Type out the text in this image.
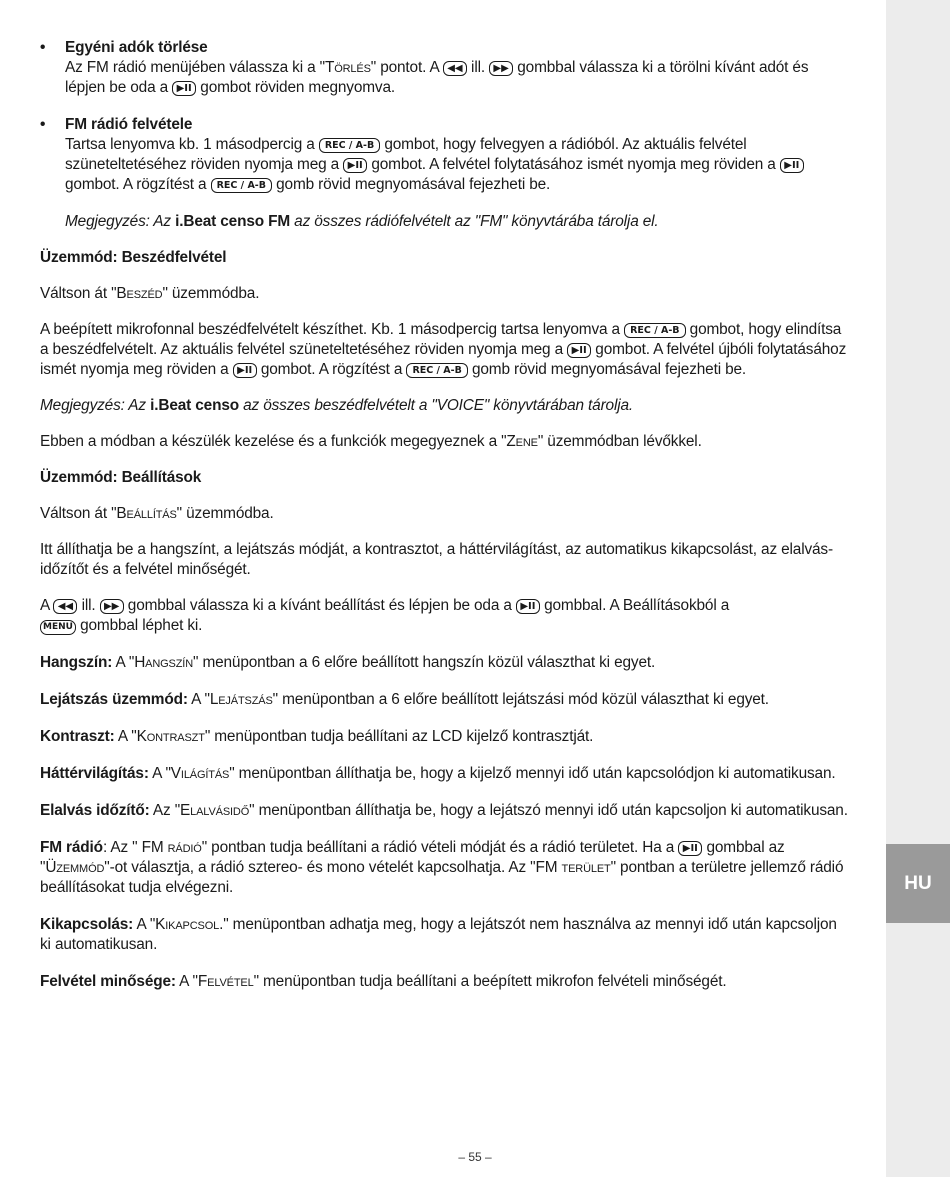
HU

• Egyéni adók törlése
Az FM rádió menüjében válassza ki a "Törlés" pontot. A ◀◀ ill. ▶▶ gombbal válassza ki a törölni kívánt adót és lépjen be oda a ▶II gombot röviden megnyomva.

• FM rádió felvétele
Tartsa lenyomva kb. 1 másodpercig a REC / A-B gombot, hogy felvegyen a rádióból. Az aktuális felvétel szüneteltetéséhez röviden nyomja meg a ▶II gombot. A felvétel folytatásához ismét nyomja meg röviden a ▶II gombot. A rögzítést a REC / A-B gomb rövid megnyomásával fejezheti be.

Megjegyzés: Az i.Beat censo FM az összes rádiófelvételt az "FM" könyvtárába tárolja el.

Üzemmód: Beszédfelvétel

Váltson át "Beszéd" üzemmódba.

A beépített mikrofonnal beszédfelvételt készíthet. Kb. 1 másodpercig tartsa lenyomva a REC / A-B gombot, hogy elindítsa a beszédfelvételt. Az aktuális felvétel szüneteltetéséhez röviden nyomja meg a ▶II gombot. A felvétel újbóli folytatásához ismét nyomja meg röviden a ▶II gombot. A rögzítést a REC / A-B gomb rövid megnyomásával fejezheti be.

Megjegyzés: Az i.Beat censo az összes beszédfelvételt a "VOICE" könyvtárában tárolja.

Ebben a módban a készülék kezelése és a funkciók megegyeznek a "Zene" üzemmódban lévőkkel.

Üzemmód: Beállítások

Váltson át "Beállítás" üzemmódba.

Itt állíthatja be a hangszínt, a lejátszás módját, a kontrasztot, a háttérvilágítást, az automatikus kikapcsolást, az elalvás-időzítőt és a felvétel minőségét.

A ◀◀ ill. ▶▶ gombbal válassza ki a kívánt beállítást és lépjen be oda a ▶II gombbal. A Beállításokból a
MENU gombbal léphet ki.

Hangszín: A "Hangszín" menüpontban a 6 előre beállított hangszín közül választhat ki egyet.

Lejátszás üzemmód: A "Lejátszás" menüpontban a 6 előre beállított lejátszási mód közül választhat ki egyet.

Kontraszt: A "Kontraszt" menüpontban tudja beállítani az LCD kijelző kontrasztját.

Háttérvilágítás: A "Világítás" menüpontban állíthatja be, hogy a kijelző mennyi idő után kapcsolódjon ki automatikusan.

Elalvás időzítő: Az "Elalvásidő" menüpontban állíthatja be, hogy a lejátszó mennyi idő után kapcsoljon ki automatikusan.

FM rádió: Az " FM rádió" pontban tudja beállítani a rádió vételi módját és a rádió területet. Ha a ▶II gombbal az "Üzemmód"-ot választja, a rádió sztereo- és mono vételét kapcsolhatja. Az "FM terület" pontban a területre jellemző rádió beállításokat tudja elvégezni.

Kikapcsolás: A "Kikapcsol." menüpontban adhatja meg, hogy a lejátszót nem használva az mennyi idő után kapcsoljon ki automatikusan.

Felvétel minősége: A "Felvétel" menüpontban tudja beállítani a beépített mikrofon felvételi minőségét.

– 55 –
